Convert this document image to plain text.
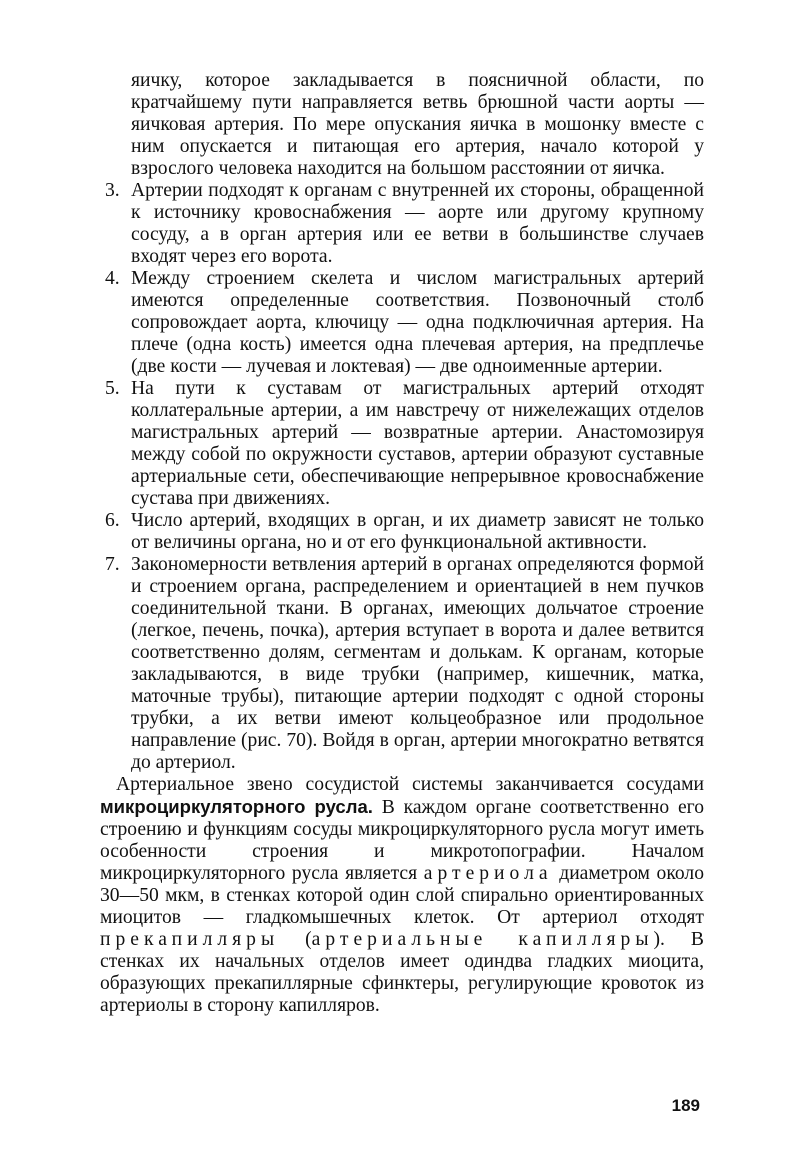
яичку, которое закладывается в поясничной области, по кратчайшему пути направляется ветвь брюшной части аорты — яичковая артерия. По мере опускания яичка в мошонку вместе с ним опускается и питающая его артерия, начало которой у взрослого человека находится на большом расстоянии от яичка.

3. Артерии подходят к органам с внутренней их стороны, обращенной к источнику кровоснабжения — аорте или другому крупному сосуду, а в орган артерия или ее ветви в большинстве случаев входят через его ворота.
4. Между строением скелета и числом магистральных артерий имеются определенные соответствия. Позвоночный столб сопровождает аорта, ключицу — одна подключичная артерия. На плече (одна кость) имеется одна плечевая артерия, на предплечье (две кости — лучевая и локтевая) — две одноименные артерии.
5. На пути к суставам от магистральных артерий отходят коллатеральные артерии, а им навстречу от нижележащих отделов магистральных артерий — возвратные артерии. Анастомозируя между собой по окружности суставов, артерии образуют суставные артериальные сети, обеспечивающие непрерывное кровоснабжение сустава при движениях.
6. Число артерий, входящих в орган, и их диаметр зависят не только от величины органа, но и от его функциональной активности.
7. Закономерности ветвления артерий в органах определяются формой и строением органа, распределением и ориентацией в нем пучков соединительной ткани. В органах, имеющих дольчатое строение (легкое, печень, почка), артерия вступает в ворота и далее ветвится соответственно долям, сегментам и долькам. К органам, которые закладываются, в виде трубки (например, кишечник, матка, маточные трубы), питающие артерии подходят с одной стороны трубки, а их ветви имеют кольцеобразное или продольное направление (рис. 70). Войдя в орган, артерии многократно ветвятся до артериол.

Артериальное звено сосудистой системы заканчивается сосудами микроциркуляторного русла. В каждом органе соответственно его строению и функциям сосуды микроциркуляторного русла могут иметь особенности строения и микротопографии. Началом микроциркуляторного русла является артериола диаметром около 30—50 мкм, в стенках которой один слой спирально ориентированных миоцитов — гладкомышечных клеток. От артериол отходят прекапилляры (артериальные капилляры). В стенках их начальных отделов имеет одиндва гладких миоцита, образующих прекапиллярные сфинктеры, регулирующие кровоток из артериолы в сторону капилляров.

189
